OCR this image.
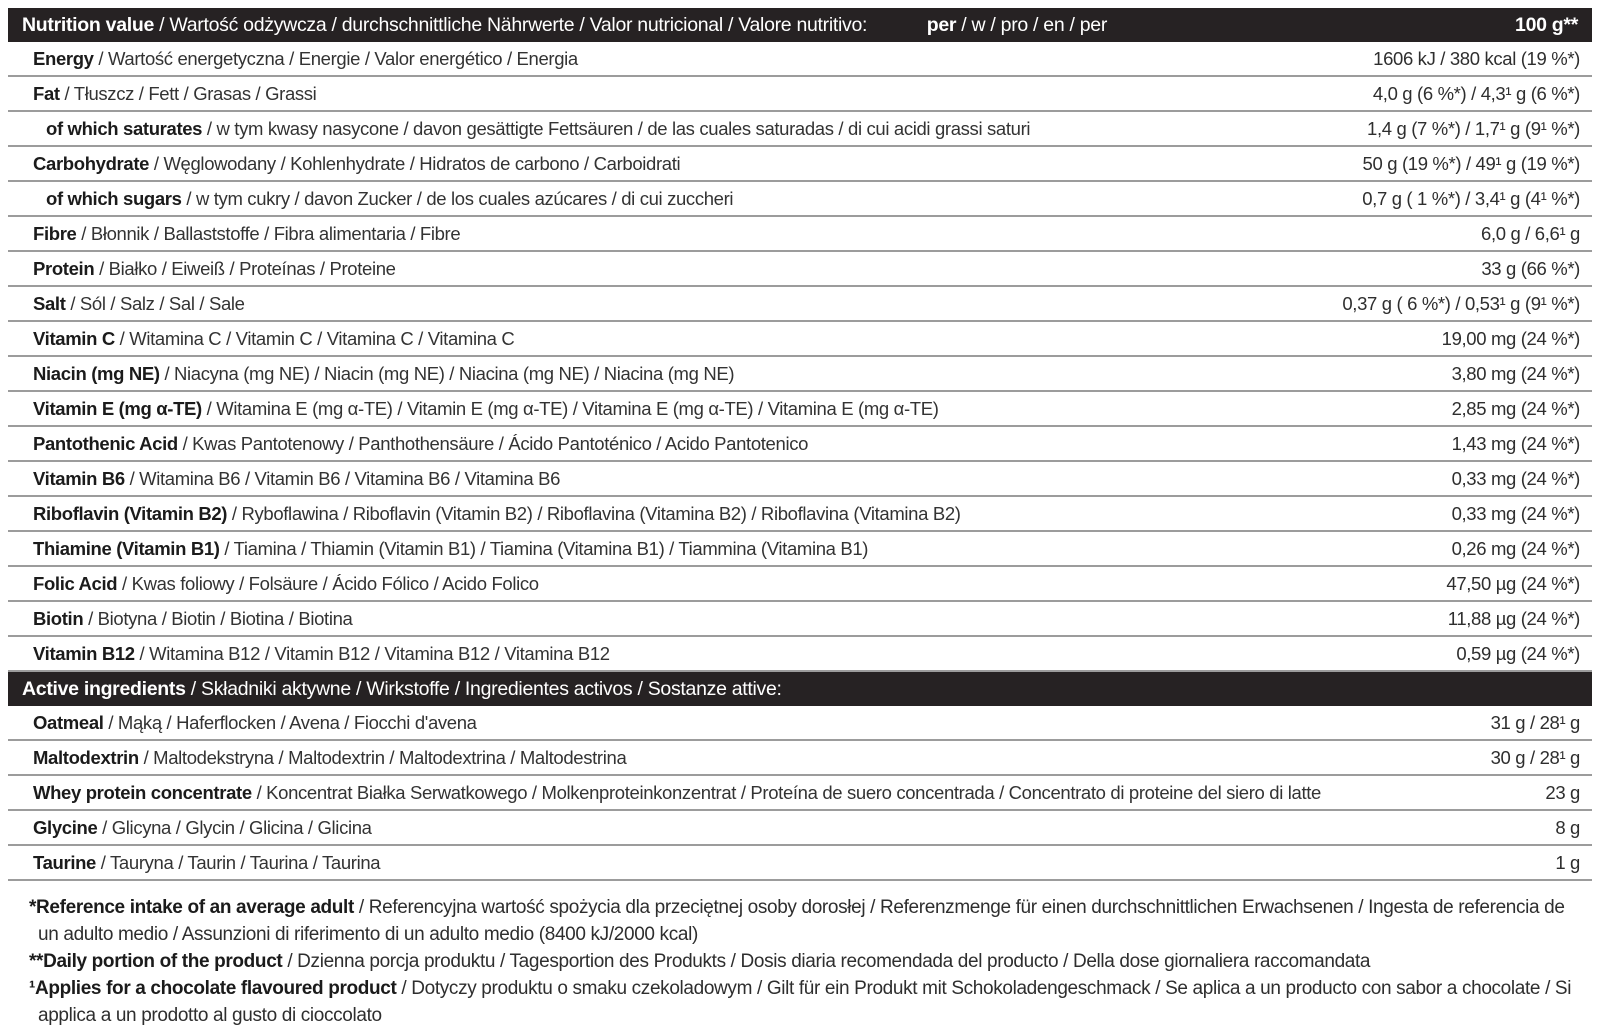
Nutrition value / Wartość odżywcza / durchschnittliche Nährwerte / Valor nutricional / Valore nutritivo:	per / w / pro / en / per	100 g**
Energy / Wartość energetyczna / Energie / Valor energético / Energia	1606 kJ / 380 kcal (19 %*)
Fat / Tłuszcz / Fett / Grasas / Grassi	4,0 g (6 %*) / 4,3¹ g (6 %*)
of which saturates / w tym kwasy nasycone / davon gesättigte Fettsäuren / de las cuales saturadas / di cui acidi grassi saturi	1,4 g (7 %*) / 1,7¹ g (9¹ %*)
Carbohydrate / Węglowodany / Kohlenhydrate / Hidratos de carbono / Carboidrati	50 g (19 %*) / 49¹ g (19 %*)
of which sugars / w tym cukry / davon Zucker / de los cuales azúcares / di cui zuccheri	0,7 g ( 1 %*) / 3,4¹ g (4¹ %*)
Fibre / Błonnik / Ballaststoffe / Fibra alimentaria / Fibre	6,0 g / 6,6¹ g
Protein / Białko / Eiweiß / Proteínas / Proteine	33 g (66 %*)
Salt / Sól / Salz / Sal / Sale	0,37 g ( 6 %*) / 0,53¹ g (9¹ %*)
Vitamin C / Witamina C / Vitamin C / Vitamina C / Vitamina C	19,00 mg (24 %*)
Niacin (mg NE) / Niacyna (mg NE) / Niacin (mg NE) / Niacina (mg NE) / Niacina (mg NE)	3,80 mg (24 %*)
Vitamin E (mg α-TE) / Witamina E (mg α-TE) / Vitamin E (mg α-TE) / Vitamina E (mg α-TE) / Vitamina E (mg α-TE)	2,85 mg (24 %*)
Pantothenic Acid / Kwas Pantotenowy / Panthothensäure / Ácido Pantoténico / Acido Pantotenico	1,43 mg (24 %*)
Vitamin B6 / Witamina B6 / Vitamin B6 / Vitamina B6 / Vitamina B6	0,33 mg (24 %*)
Riboflavin (Vitamin B2) / Ryboflawina / Riboflavin (Vitamin B2) / Riboflavina (Vitamina B2) / Riboflavina (Vitamina B2)	0,33 mg (24 %*)
Thiamine (Vitamin B1) / Tiamina / Thiamin (Vitamin B1) / Tiamina (Vitamina B1) / Tiammina (Vitamina B1)	0,26 mg (24 %*)
Folic Acid / Kwas foliowy / Folsäure / Ácido Fólico / Acido Folico	47,50 µg (24 %*)
Biotin / Biotyna / Biotin / Biotina / Biotina	11,88 µg (24 %*)
Vitamin B12 / Witamina B12 / Vitamin B12 / Vitamina B12 / Vitamina B12	0,59 µg (24 %*)
Active ingredients / Składniki aktywne / Wirkstoffe / Ingredientes activos / Sostanze attive:
Oatmeal / Mąką / Haferflocken / Avena / Fiocchi d'avena	31 g / 28¹ g
Maltodextrin / Maltodekstryna / Maltodextrin / Maltodextrina / Maltodestrina	30 g / 28¹ g
Whey protein concentrate / Koncentrat Białka Serwatkowego / Molkenproteinkonzentrat / Proteína de suero concentrada / Concentrato di proteine del siero di latte	23 g
Glycine / Glicyna / Glycin / Glicina / Glicina	8 g
Taurine / Tauryna / Taurin / Taurina / Taurina	1 g

*Reference intake of an average adult / Referencyjna wartość spożycia dla przeciętnej osoby dorosłej / Referenzmenge für einen durchschnittlichen Erwachsenen / Ingesta de referencia de un adulto medio / Assunzioni di riferimento di un adulto medio (8400 kJ/2000 kcal)

**Daily portion of the product / Dzienna porcja produktu / Tagesportion des Produkts / Dosis diaria recomendada del producto / Della dose giornaliera raccomandata

¹Applies for a chocolate flavoured product / Dotyczy produktu o smaku czekoladowym / Gilt für ein Produkt mit Schokoladengeschmack / Se aplica a un producto con sabor a chocolate / Si applica a un prodotto al gusto di cioccolato
